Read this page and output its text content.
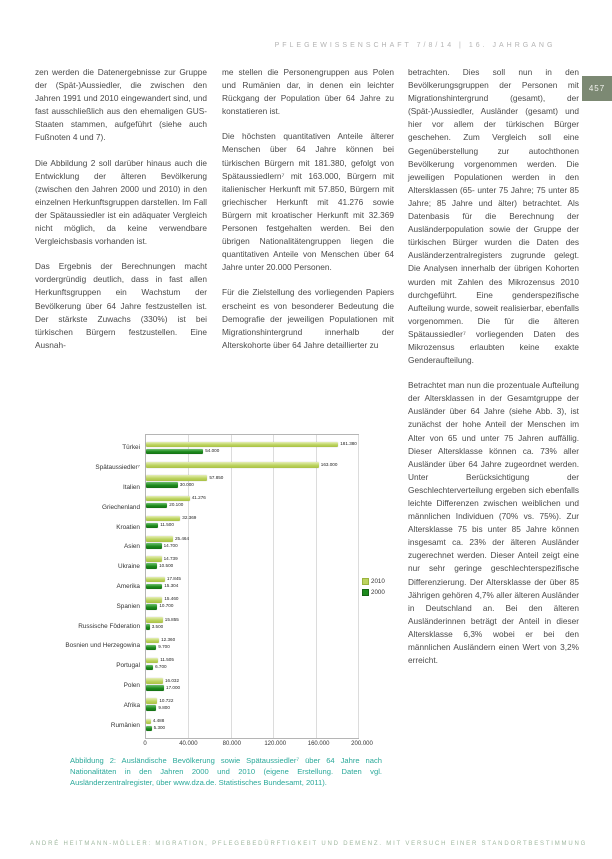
PFLEGEWISSENSCHAFT 7/8/14 | 16. JAHRGANG
457

zen werden die Datenergebnisse zur Gruppe der (Spät-)Aussiedler, die zwischen den Jahren 1991 und 2010 eingewandert sind, und fast ausschließlich aus den ehemaligen GUS-Staaten stammen, aufgeführt (siehe auch Fußnoten 4 und 7).

Die Abbildung 2 soll darüber hinaus auch die Entwicklung der älteren Bevölkerung (zwischen den Jahren 2000 und 2010) in den einzelnen Herkunftsgruppen darstellen. Im Fall der Spätaussiedler ist ein adäquater Vergleich nicht möglich, da keine verwendbare Vergleichsbasis vorhanden ist.

Das Ergebnis der Berechnungen macht vordergründig deutlich, dass in fast allen Herkunftsgruppen ein Wachstum der Bevölkerung über 64 Jahre festzustellen ist. Der stärkste Zuwachs (330%) ist bei türkischen Bürgern festzustellen. Eine Ausnah-

me stellen die Personengruppen aus Polen und Rumänien dar, in denen ein leichter Rückgang der Population über 64 Jahre zu konstatieren ist.

Die höchsten quantitativen Anteile älterer Menschen über 64 Jahre können bei türkischen Bürgern mit 181.380, gefolgt von Spätaussiedlern⁷ mit 163.000, Bürgern mit italienischer Herkunft mit 57.850, Bürgern mit griechischer Herkunft mit 41.276 sowie Bürgern mit kroatischer Herkunft mit 32.369 Personen festgehalten werden. Bei den übrigen Nationalitätengruppen liegen die quantitativen Anteile von Menschen über 64 Jahre unter 20.000 Personen.

Für die Zielstellung des vorliegenden Papiers erscheint es von besonderer Bedeutung die Demografie der jeweiligen Populationen mit Migrationshintergrund innerhalb der Alterskohorte über 64 Jahre detaillierter zu

betrachten. Dies soll nun in den Bevölkerungsgruppen der Personen mit Migrationshintergrund (gesamt), der (Spät-)Aussiedler, Ausländer (gesamt) und hier vor allem der türkischen Bürger geschehen. Zum Vergleich soll eine Gegenüberstellung zur autochthonen Bevölkerung vorgenommen werden. Die jeweiligen Populationen werden in den Altersklassen (65- unter 75 Jahre; 75 unter 85 Jahre; 85 Jahre und älter) betrachtet. Als Datenbasis für die Berechnung der Ausländerpopulation sowie der Gruppe der türkischen Bürger wurden die Daten des Ausländerzentralregisters zugrunde gelegt. Die Analysen innerhalb der übrigen Kohorten wurden mit Zahlen des Mikrozensus 2010 durchgeführt. Eine genderspezifische Aufteilung wurde, soweit realisierbar, ebenfalls vorgenommen. Die für die älteren Spätaussiedler⁷ vorliegenden Daten des Mikrozensus erlaubten keine exakte Genderaufteilung.

Betrachtet man nun die prozentuale Aufteilung der Altersklassen in der Gesamtgruppe der Ausländer über 64 Jahre (siehe Abb. 3), ist zunächst der hohe Anteil der Menschen im Alter von 65 und unter 75 Jahren auffällig. Dieser Altersklasse können ca. 73% aller Ausländer über 64 Jahre zugeordnet werden. Unter Berücksichtigung der Geschlechterverteilung ergeben sich ebenfalls leichte Differenzen zwischen weiblichen und männlichen Individuen (70% vs. 75%). Zur Altersklasse 75 bis unter 85 Jahre können insgesamt ca. 23% der älteren Ausländer zugerechnet werden. Dieser Anteil zeigt eine nur sehr geringe geschlechterspezifische Differenzierung. Der Altersklasse der über 85 Jährigen gehören 4,7% aller älteren Ausländer in Deutschland an. Bei den älteren Ausländerinnen beträgt der Anteil in dieser Altersklasse 6,3% wobei er bei den männlichen Ausländern einen Wert von 3,2% erreicht.

Türkei
Spätaussiedler⁷
Italien
Griechenland
Kroatien
Asien
Ukraine
Amerika
Spanien
Russische Föderation
Bosnien und Herzegowina
Portugal
Polen
Afrika
Rumänien
181.380
54.000
163.000
57.850
30.000
41.276
20.100
32.369
11.500
25.464
14.700
14.739
10.500
17.845
15.304
15.460
10.700
15.855
3.500
12.360
9.700
11.505
6.700
16.032
17.000
10.722
9.800
4.488
5.300
2010
2000
0	40.000	80.000	120.000	160.000	200.000
Abbildung 2: Ausländische Bevölkerung sowie Spätaussiedler⁷ über 64 Jahre nach Nationalitäten in den Jahren 2000 und 2010 (eigene Erstellung. Daten vgl. Ausländerzentralregister, über www.dza.de. Statistisches Bundesamt, 2011).
ANDRÉ HEITMANN-MÖLLER: MIGRATION, PFLEGEBEDÜRFTIGKEIT UND DEMENZ. MIT VERSUCH EINER STANDORTBESTIMMUNG
